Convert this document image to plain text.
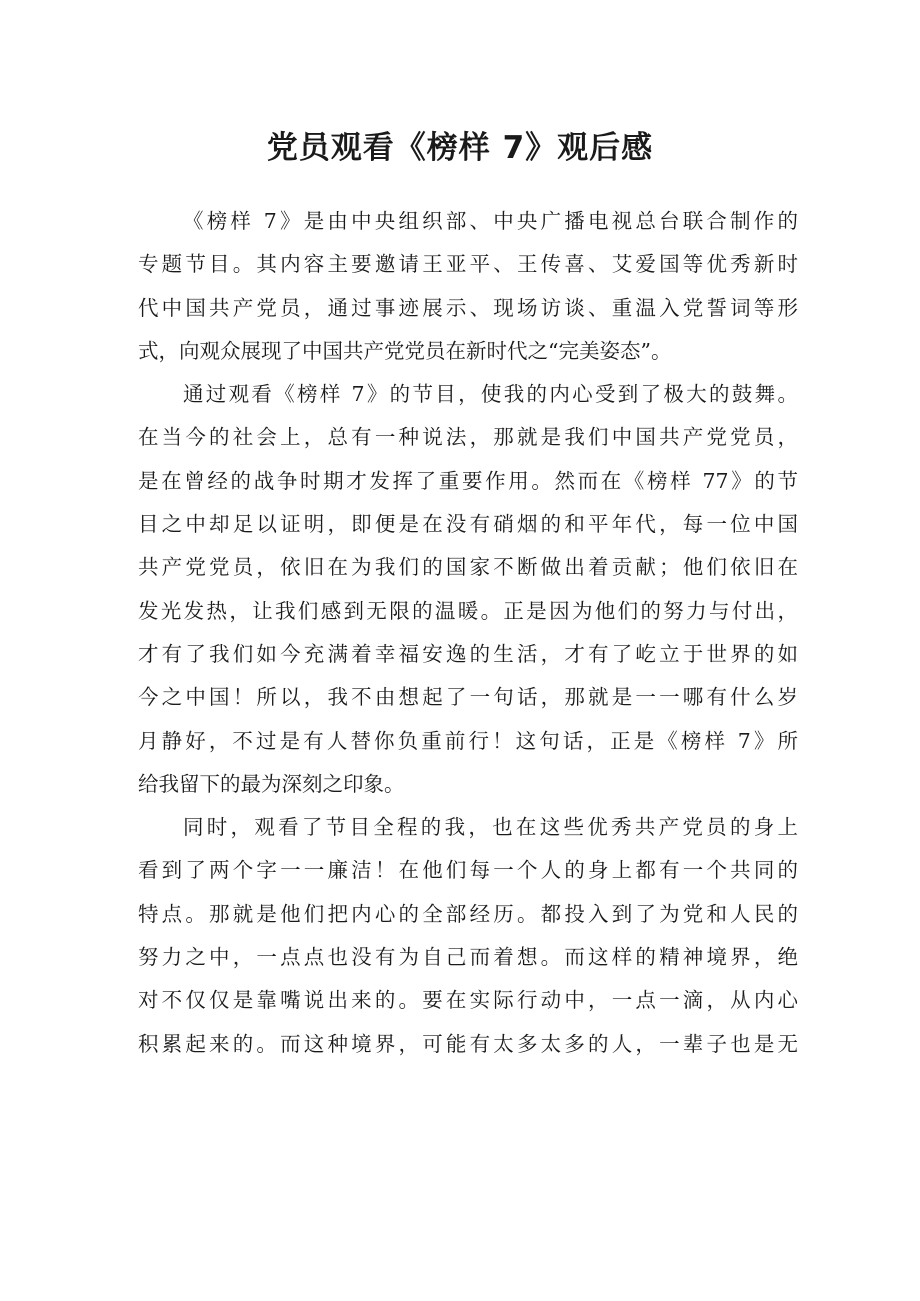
党员观看《榜样 7》观后感
《榜样 7》是由中央组织部、中央广播电视总台联合制作的
专题节目。其内容主要邀请王亚平、王传喜、艾爱国等优秀新时
代中国共产党员，通过事迹展示、现场访谈、重温入党誓词等形
式，向观众展现了中国共产党党员在新时代之“完美姿态”。
通过观看《榜样 7》的节目，使我的内心受到了极大的鼓舞。
在当今的社会上，总有一种说法，那就是我们中国共产党党员，
是在曾经的战争时期才发挥了重要作用。然而在《榜样 77》的节
目之中却足以证明，即便是在没有硝烟的和平年代，每一位中国
共产党党员，依旧在为我们的国家不断做出着贡献；他们依旧在
发光发热，让我们感到无限的温暖。正是因为他们的努力与付出，
才有了我们如今充满着幸福安逸的生活，才有了屹立于世界的如
今之中国！所以，我不由想起了一句话，那就是一一哪有什么岁
月静好，不过是有人替你负重前行！这句话，正是《榜样 7》所
给我留下的最为深刻之印象。
同时，观看了节目全程的我，也在这些优秀共产党员的身上
看到了两个字一一廉洁！在他们每一个人的身上都有一个共同的
特点。那就是他们把内心的全部经历。都投入到了为党和人民的
努力之中，一点点也没有为自己而着想。而这样的精神境界，绝
对不仅仅是靠嘴说出来的。要在实际行动中，一点一滴，从内心
积累起来的。而这种境界，可能有太多太多的人，一辈子也是无
